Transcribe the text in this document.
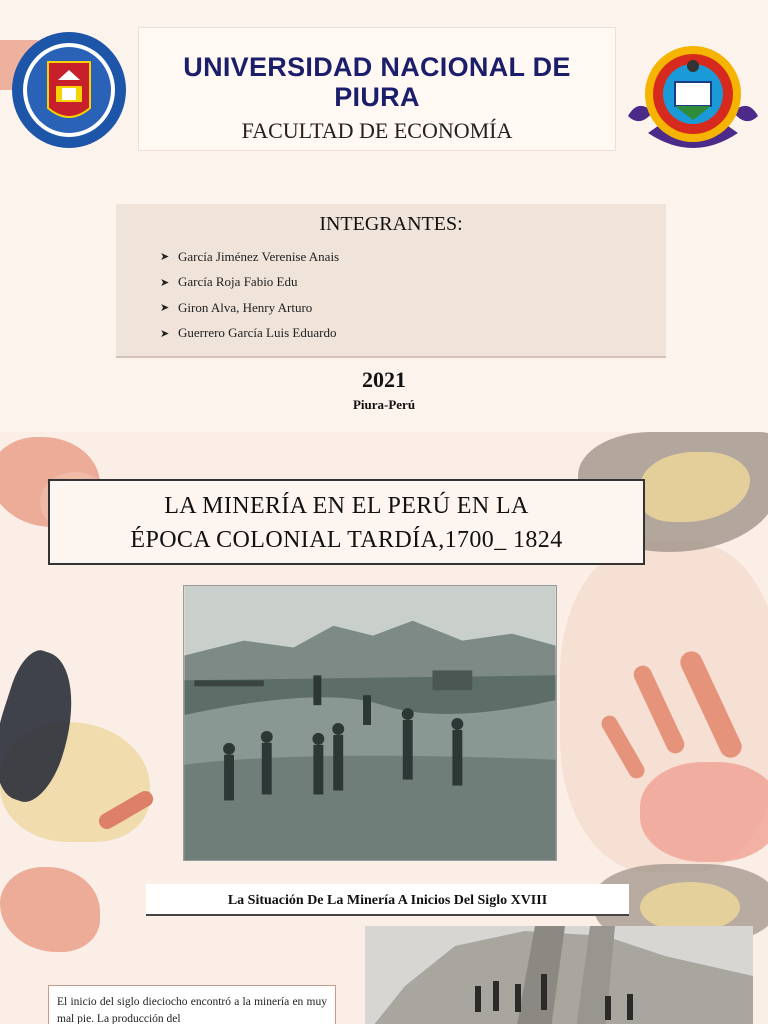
UNIVERSIDAD NACIONAL DE PIURA
FACULTAD DE ECONOMÍA
INTEGRANTES:
➤ García Jiménez Verenise Anais
➤ García Roja Fabio Edu
➤ Giron Alva, Henry Arturo
➤ Guerrero García Luis Eduardo
2021
Piura-Perú
LA MINERÍA EN EL PERÚ EN LA
ÉPOCA COLONIAL TARDÍA,1700_ 1824
La Situación De La Minería A Inicios Del Siglo XVIII

El inicio del siglo dieciocho encontró a la minería en muy mal pie. La producción del
